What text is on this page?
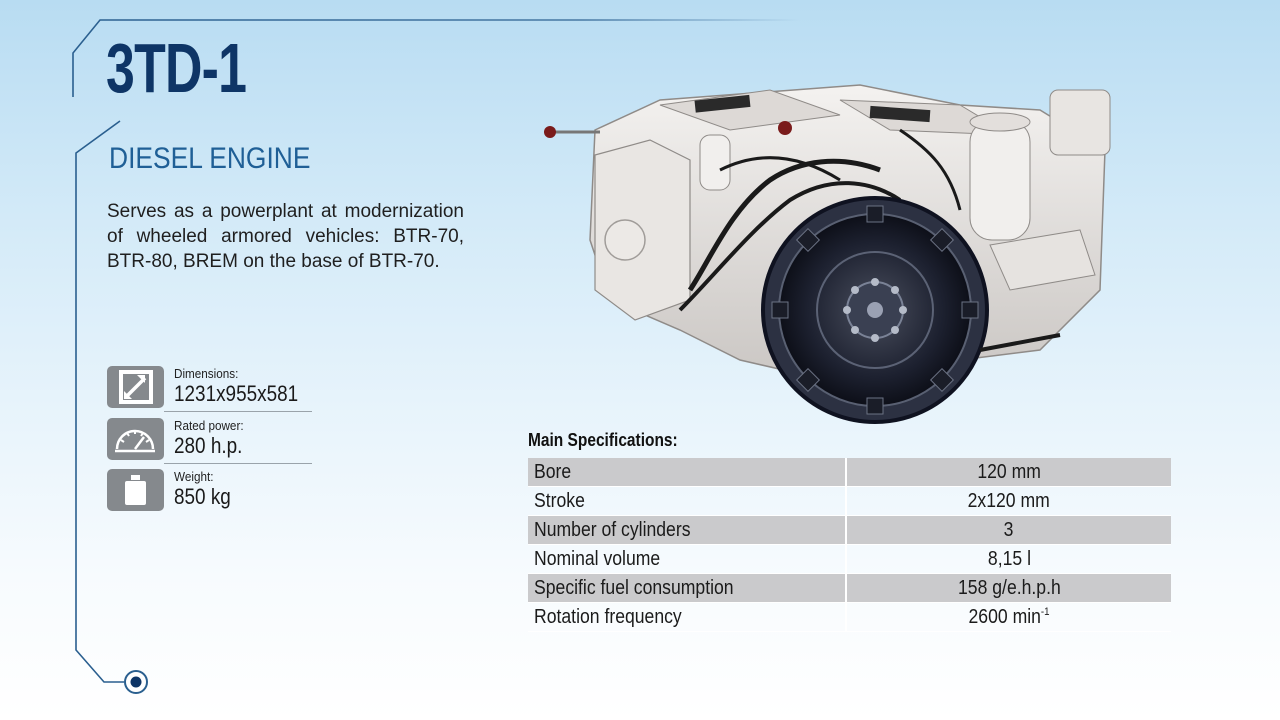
3TD-1
DIESEL ENGINE

Serves as a powerplant at modernization of wheeled armored vehicles: BTR-70, BTR-80, BREM on the base of BTR-70.

Dimensions:
1231x955x581
Rated power:
280 h.p.
Weight:
850 kg
Main Specifications:
Bore	120 mm
Stroke	2x120 mm
Number of cylinders	3
Nominal volume	8,15 l
Specific fuel consumption	158 g/e.h.p.h
Rotation frequency	2600 $\min^{-1}$
